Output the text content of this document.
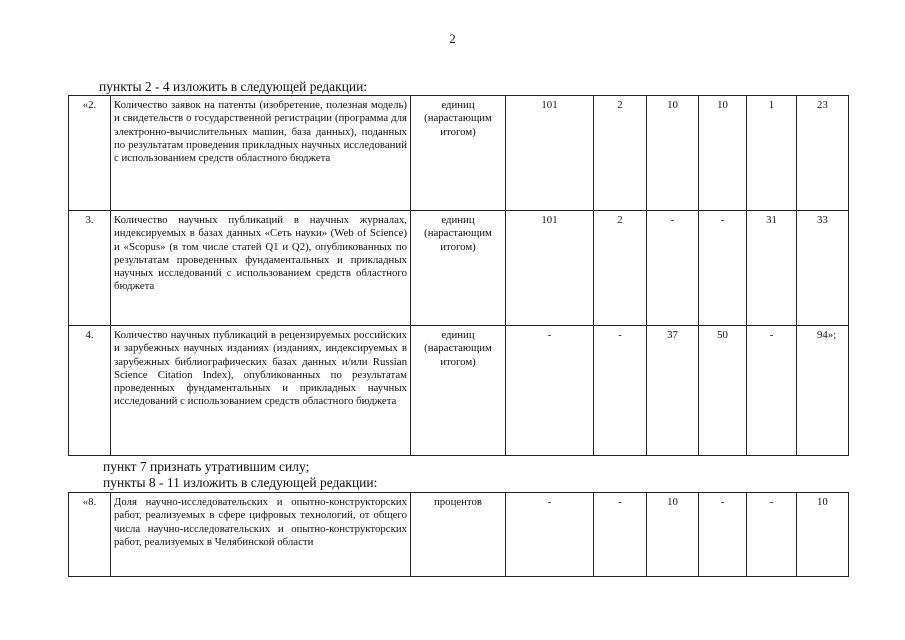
2
пункты 2 - 4 изложить в следующей редакции:
«2.	Количество заявок на патенты (изобретение, полезная модель) и свидетельств о государственной регистрации (программа для электронно-вычислительных машин, база данных), поданных по результатам проведения прикладных научных исследований с использованием средств областного бюджета	единиц (нарастающим итогом)	101	2	10	10	1	23
3.	Количество научных публикаций в научных журналах, индексируемых в базах данных «Сеть науки» (Web of Science) и «Scopus» (в том числе статей Q1 и Q2), опубликованных по результатам проведенных фундаментальных и прикладных научных исследований с использованием средств областного бюджета	единиц (нарастающим итогом)	101	2	-	-	31	33
4.	Количество научных публикаций в рецензируемых российских и зарубежных научных изданиях (изданиях, индексируемых в зарубежных библиографических базах данных и/или Russian Science Citation Index), опубликованных по результатам проведенных фундаментальных и прикладных научных исследований с использованием средств областного бюджета	единиц (нарастающим итогом)	-	-	37	50	-	94»;
пункт 7 признать утратившим силу;
пункты 8 - 11 изложить в следующей редакции:
«8.	Доля научно-исследовательских и опытно-конструкторских работ, реализуемых в сфере цифровых технологий, от общего числа научно-исследовательских и опытно-конструкторских работ, реализуемых в Челябинской области	процентов	-	-	10	-	-	10
